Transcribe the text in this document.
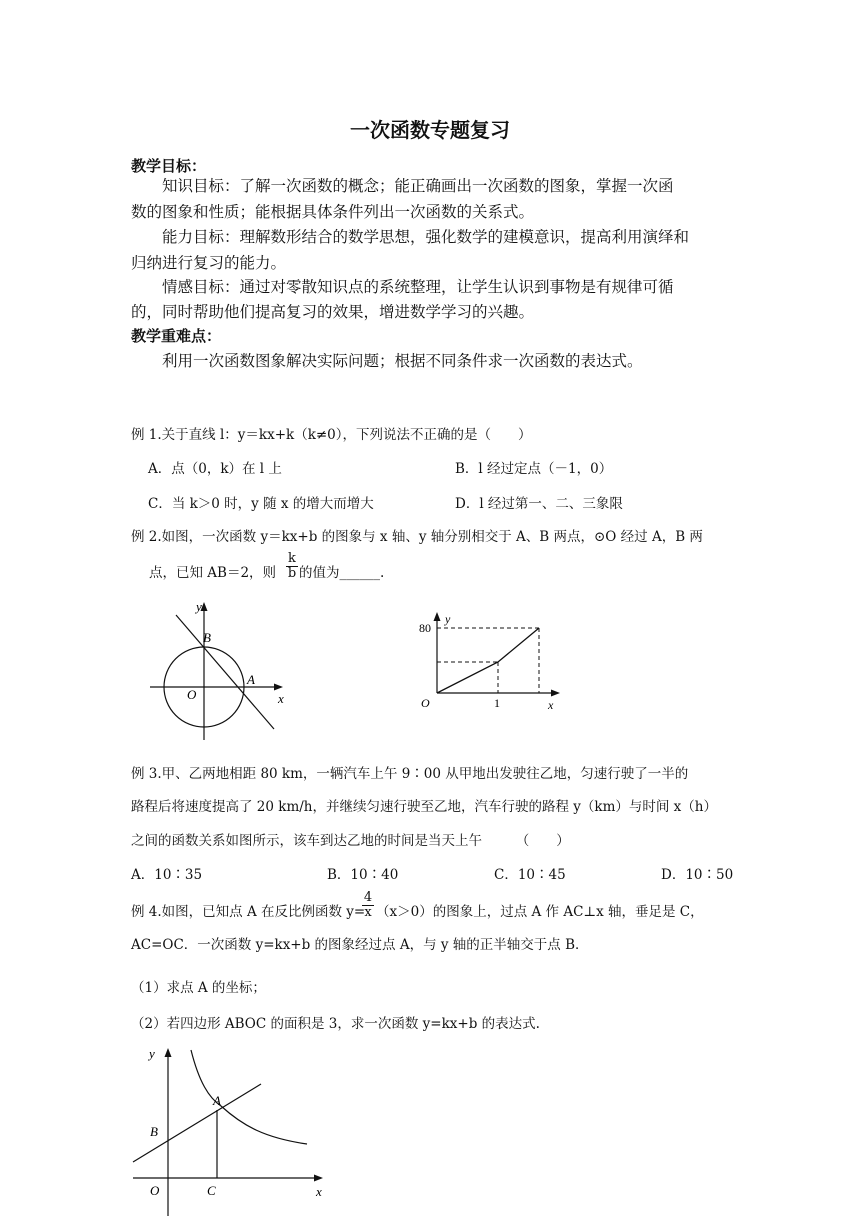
一次函数专题复习
教学目标：
知识目标：了解一次函数的概念；能正确画出一次函数的图象，掌握一次函
数的图象和性质；能根据具体条件列出一次函数的关系式。
能力目标：理解数形结合的数学思想，强化数学的建模意识，提高利用演绎和
归纳进行复习的能力。
情感目标：通过对零散知识点的系统整理，让学生认识到事物是有规律可循
的，同时帮助他们提高复习的效果，增进数学学习的兴趣。
教学重难点：
利用一次函数图象解决实际问题；根据不同条件求一次函数的表达式。
例 1.关于直线 l：y＝kx+k（k≠0），下列说法不正确的是（　　）
A．点（0，k）在 l 上	B．l 经过定点（－1，0）
C．当 k＞0 时，y 随 x 的增大而增大	D．l 经过第一、二、三象限
例 2.如图，一次函数 y＝kx+b 的图象与 x 轴、y 轴分别相交于 A、B 两点，⊙O 经过 A，B 两
点，已知 AB＝2，则 $\frac{k}{b}$ 的值为______.
y
B
O
A
x
y
80
O	1	x
例 3.甲、乙两地相距 80 km，一辆汽车上午 9∶00 从甲地出发驶往乙地，匀速行驶了一半的
路程后将速度提高了 20 km/h，并继续匀速行驶至乙地，汽车行驶的路程 y（km）与时间 x（h）
之间的函数关系如图所示，该车到达乙地的时间是当天上午　　　（　　）
A．10∶35	B．10∶40	C．10∶45	D．10∶50
例 4.如图，已知点 A 在反比例函数 y=
$\frac{4}{x} (x>0)$的图象上，过点 A 作 AC⊥x 轴，垂足是 C，
AC=OC．一次函数 y=kx+b 的图象经过点 A，与 y 轴的正半轴交于点 B．
（1）求点 A 的坐标；
（2）若四边形 ABOC 的面积是 3，求一次函数 y=kx+b 的表达式.
y
A
B
O	C	x
